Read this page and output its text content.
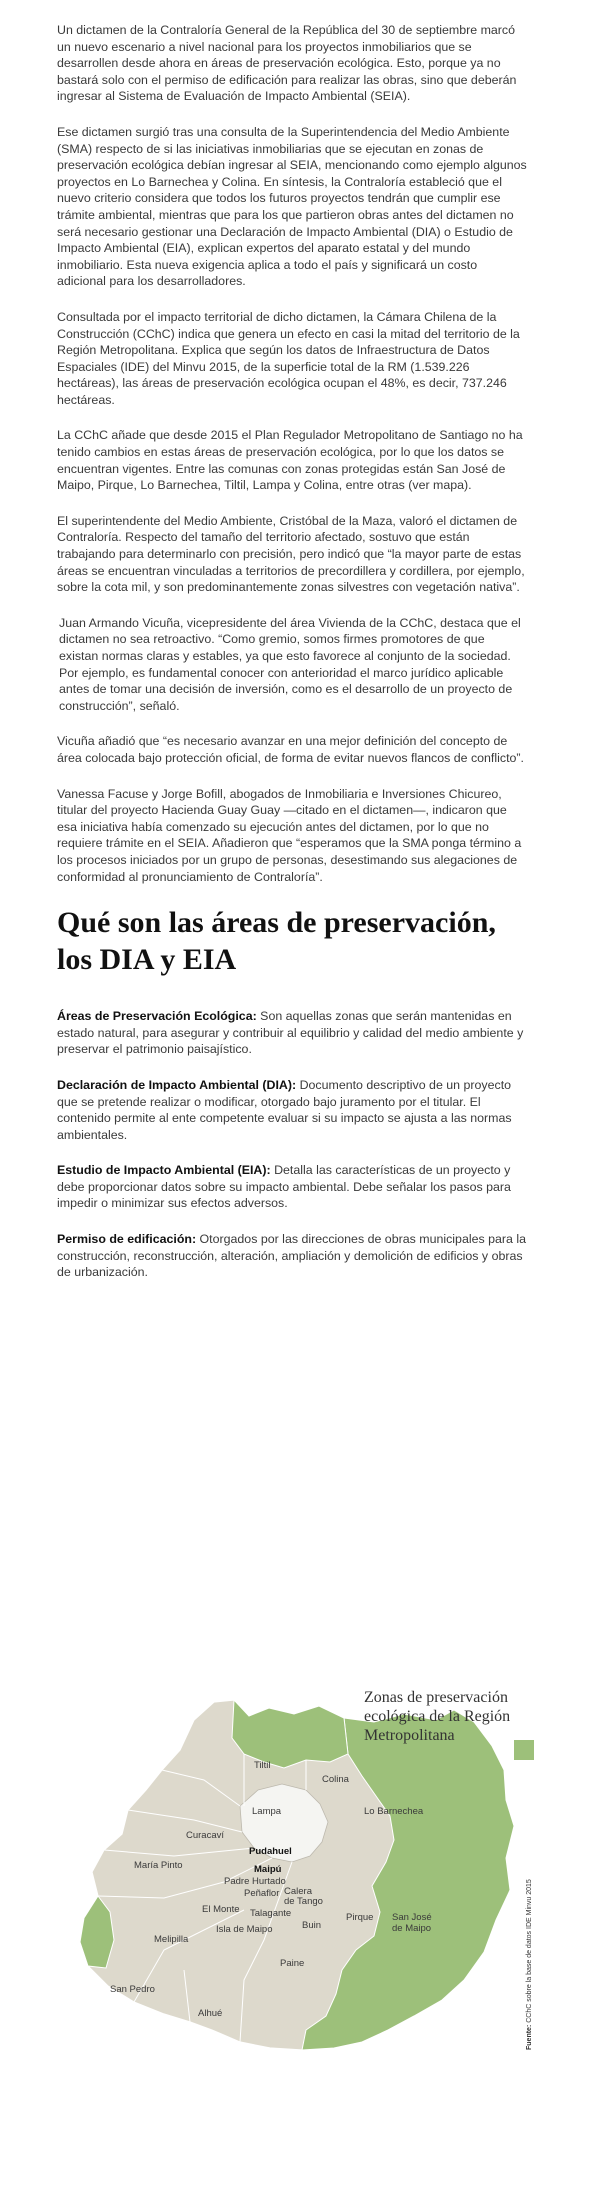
Un dictamen de la Contraloría General de la República del 30 de septiembre marcó un nuevo escenario a nivel nacional para los proyectos inmobiliarios que se desarrollen desde ahora en áreas de preservación ecológica. Esto, porque ya no bastará solo con el permiso de edificación para realizar las obras, sino que deberán ingresar al Sistema de Evaluación de Impacto Ambiental (SEIA).

Ese dictamen surgió tras una consulta de la Superintendencia del Medio Ambiente (SMA) respecto de si las iniciativas inmobiliarias que se ejecutan en zonas de preservación ecológica debían ingresar al SEIA, mencionando como ejemplo algunos proyectos en Lo Barnechea y Colina. En síntesis, la Contraloría estableció que el nuevo criterio considera que todos los futuros proyectos tendrán que cumplir ese trámite ambiental, mientras que para los que partieron obras antes del dictamen no será necesario gestionar una Declaración de Impacto Ambiental (DIA) o Estudio de Impacto Ambiental (EIA), explican expertos del aparato estatal y del mundo inmobiliario. Esta nueva exigencia aplica a todo el país y significará un costo adicional para los desarrolladores.

Consultada por el impacto territorial de dicho dictamen, la Cámara Chilena de la Construcción (CChC) indica que genera un efecto en casi la mitad del territorio de la Región Metropolitana. Explica que según los datos de Infraestructura de Datos Espaciales (IDE) del Minvu 2015, de la superficie total de la RM (1.539.226 hectáreas), las áreas de preservación ecológica ocupan el 48%, es decir, 737.246 hectáreas.

La CChC añade que desde 2015 el Plan Regulador Metropolitano de Santiago no ha tenido cambios en estas áreas de preservación ecológica, por lo que los datos se encuentran vigentes. Entre las comunas con zonas protegidas están San José de Maipo, Pirque, Lo Barnechea, Tiltil, Lampa y Colina, entre otras (ver mapa).

El superintendente del Medio Ambiente, Cristóbal de la Maza, valoró el dictamen de Contraloría. Respecto del tamaño del territorio afectado, sostuvo que están trabajando para determinarlo con precisión, pero indicó que “la mayor parte de estas áreas se encuentran vinculadas a territorios de precordillera y cordillera, por ejemplo, sobre la cota mil, y son predominantemente zonas silvestres con vegetación nativa”.

Juan Armando Vicuña, vicepresidente del área Vivienda de la CChC, destaca que el dictamen no sea retroactivo. “Como gremio, somos firmes promotores de que existan normas claras y estables, ya que esto favorece al conjunto de la sociedad. Por ejemplo, es fundamental conocer con anterioridad el marco jurídico aplicable antes de tomar una decisión de inversión, como es el desarrollo de un proyecto de construcción”, señaló.

Vicuña añadió que “es necesario avanzar en una mejor definición del concepto de área colocada bajo protección oficial, de forma de evitar nuevos flancos de conflicto”.

Vanessa Facuse y Jorge Bofill, abogados de Inmobiliaria e Inversiones Chicureo, titular del proyecto Hacienda Guay Guay —citado en el dictamen—, indicaron que esa iniciativa había comenzado su ejecución antes del dictamen, por lo que no requiere trámite en el SEIA. Añadieron que “esperamos que la SMA ponga término a los procesos iniciados por un grupo de personas, desestimando sus alegaciones de conformidad al pronunciamiento de Contraloría”.

Qué son las áreas de preservación, los DIA y EIA

Áreas de Preservación Ecológica: Son aquellas zonas que serán mantenidas en estado natural, para asegurar y contribuir al equilibrio y calidad del medio ambiente y preservar el patrimonio paisajístico.

Declaración de Impacto Ambiental (DIA): Documento descriptivo de un proyecto que se pretende realizar o modificar, otorgado bajo juramento por el titular. El contenido permite al ente competente evaluar si su impacto se ajusta a las normas ambientales.

Estudio de Impacto Ambiental (EIA): Detalla las características de un proyecto y debe proporcionar datos sobre su impacto ambiental. Debe señalar los pasos para impedir o minimizar sus efectos adversos.

Permiso de edificación: Otorgados por las direcciones de obras municipales para la construcción, reconstrucción, alteración, ampliación y demolición de edificios y obras de urbanización.

Zonas de preservación
ecológica de la Región
Metropolitana
Tiltil
Colina
Lampa	Lo Barnechea
Curacaví
Pudahuel
María Pinto	Maipú
Padre Hurtado
Peñaflor Calera
de Tango
El Monte Talagante	Pirque San José
de Maipo
Buin
Isla de Maipo
Melipilla
Paine
San Pedro
Alhué
Fuente: CChC sobre la base de datos IDE Minvu 2015
